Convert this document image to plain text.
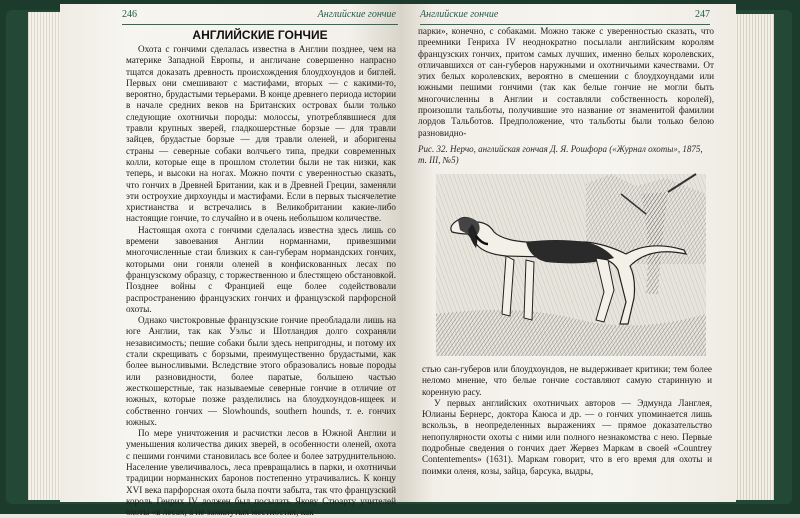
246	Английские гончие
АНГЛИЙСКИЕ ГОНЧИЕ

Охота с гончими сделалась известна в Англии позднее, чем на материке Западной Европы, и англичане совершенно напрасно тщатся доказать древность происхождения блоудхоундов и биглей. Первых они смешивают с мастифами, вторых — с какими-то, вероятно, брудастыми терьерами. В конце древнего периода истории в начале средних веков на Британских островах были только следующие охотничьи породы: молоссы, употреблявшиеся для травли крупных зверей, гладкошерстные борзые — для травли зайцев, брудастые борзые — для травли оленей, и аборигены страны — северные собаки волчьего типа, предки современных колли, которые еще в прошлом столетии были не так низки, как теперь, и высоки на ногах. Можно почти с уверенностью сказать, что гончих в Древней Британии, как и в Древней Греции, заменяли эти остроухие дирхоунды и мастифами. Если в первых тысячелетие христианства и встречались в Великобритании какие-либо настоящие гончие, то случайно и в очень небольшом количестве.

Настоящая охота с гончими сделалась известна здесь лишь со времени завоевания Англии норманнами, привезшими многочисленные стаи близких к сан-губерам нормандских гончих, которыми они гоняли оленей в конфискованных лесах по французскому образцу, с торжественною и блестящею обстановкой. Позднее войны с Францией еще более содействовали распространению французских гончих и французской парфорсной охоты.

Однако чистокровные французские гончие преобладали лишь на юге Англии, так как Уэльс и Шотландия долго сохраняли независимость; пешие собаки были здесь непригодны, и потому их стали скрещивать с борзыми, преимущественно брудастыми, как более выносливыми. Вследствие этого образовались новые породы или разновидности, более паратые, большею частью жесткошерстные, так называемые северные гончие в отличие от южных, которые позже разделились на блоудхоундов-ищеек и собственно гончих — Slowhounds, southern hounds, т. е. гончих южных.

По мере уничтожения и расчистки лесов в Южной Англии и уменьшения количества диких зверей, в особенности оленей, охота с пешими гончими становилась все более и более затруднительною. Население увеличивалось, леса превращались в парки, и охотничьи традиции норманнских баронов постепенно утрачивались. К концу XVI века парфорсная охота была почти забыта, так что французский король Генрих IV должен был посылать Якову Стюарту учителей охоты «в лесах, а не замкнутых местностях, как

Английские гончие	247

парки», конечно, с собаками. Можно также с уверенностью сказать, что преемники Генриха IV неоднократно посылали английским королям французских гончих, притом самых лучших, именно белых королевских, отличавшихся от сан-губеров наружными и охотничьими качествами. От этих белых королевских, вероятно в смешении с блоудхоундами или южными пешими гончими (так как белые гончие не могли быть многочисленны в Англии и составляли собственность королей), произошли тальботы, получившие это название от знаменитой фамилии лордов Тальботов. Предположение, что тальботы были только белою разновидно-

Рис. 32. Нерчо, английская гончая Д. Я. Рошфора («Журнал охоты», 1875, т. III, №5)

стью сан-губеров или блоудхоундов, не выдерживает критики; тем более неломо мнение, что белые гончие составляют самую старинную и коренную расу.

У первых английских охотничьих авторов — Эдмунда Ланглея, Юлианы Бернерс, доктора Каюса и др. — о гончих упоминается лишь вскользь, в неопределенных выражениях — прямое доказательство непопулярности охоты с ними или полного незнакомства с нею. Первые подробные сведения о гончих дает Жервез Маркам в своей «Countrey Contentements» (1631). Маркам говорит, что в его время для охоты и поимки оленя, козы, зайца, барсука, выдры,
